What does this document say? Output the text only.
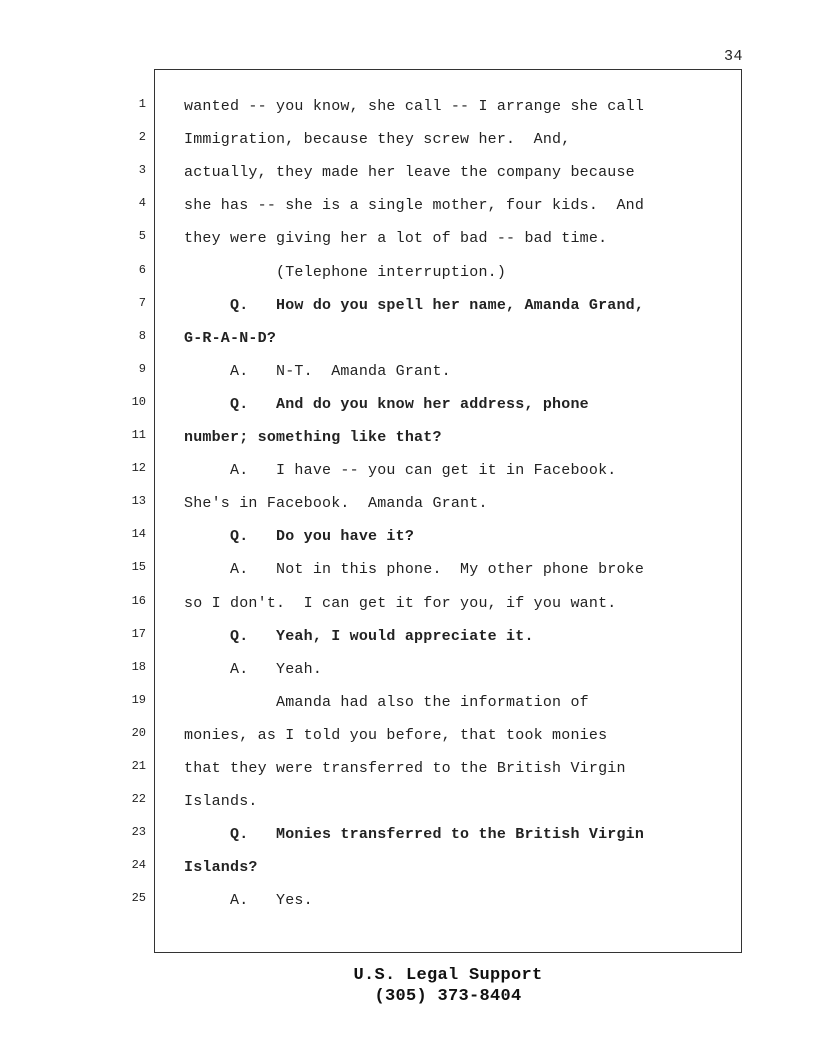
34
1	wanted -- you know, she call -- I arrange she call
2	Immigration, because they screw her.  And,
3	actually, they made her leave the company because
4	she has -- she is a single mother, four kids.  And
5	they were giving her a lot of bad -- bad time.
6	(Telephone interruption.)
7	Q.   How do you spell her name, Amanda Grand,
8	G-R-A-N-D?
9	A.   N-T.  Amanda Grant.
10	Q.   And do you know her address, phone
11	number; something like that?
12	A.   I have -- you can get it in Facebook.
13	She's in Facebook.  Amanda Grant.
14	Q.   Do you have it?
15	A.   Not in this phone.  My other phone broke
16	so I don't.  I can get it for you, if you want.
17	Q.   Yeah, I would appreciate it.
18	A.   Yeah.
19	Amanda had also the information of
20	monies, as I told you before, that took monies
21	that they were transferred to the British Virgin
22	Islands.
23	Q.   Monies transferred to the British Virgin
24	Islands?
25	A.   Yes.
U.S. Legal Support
(305) 373-8404
